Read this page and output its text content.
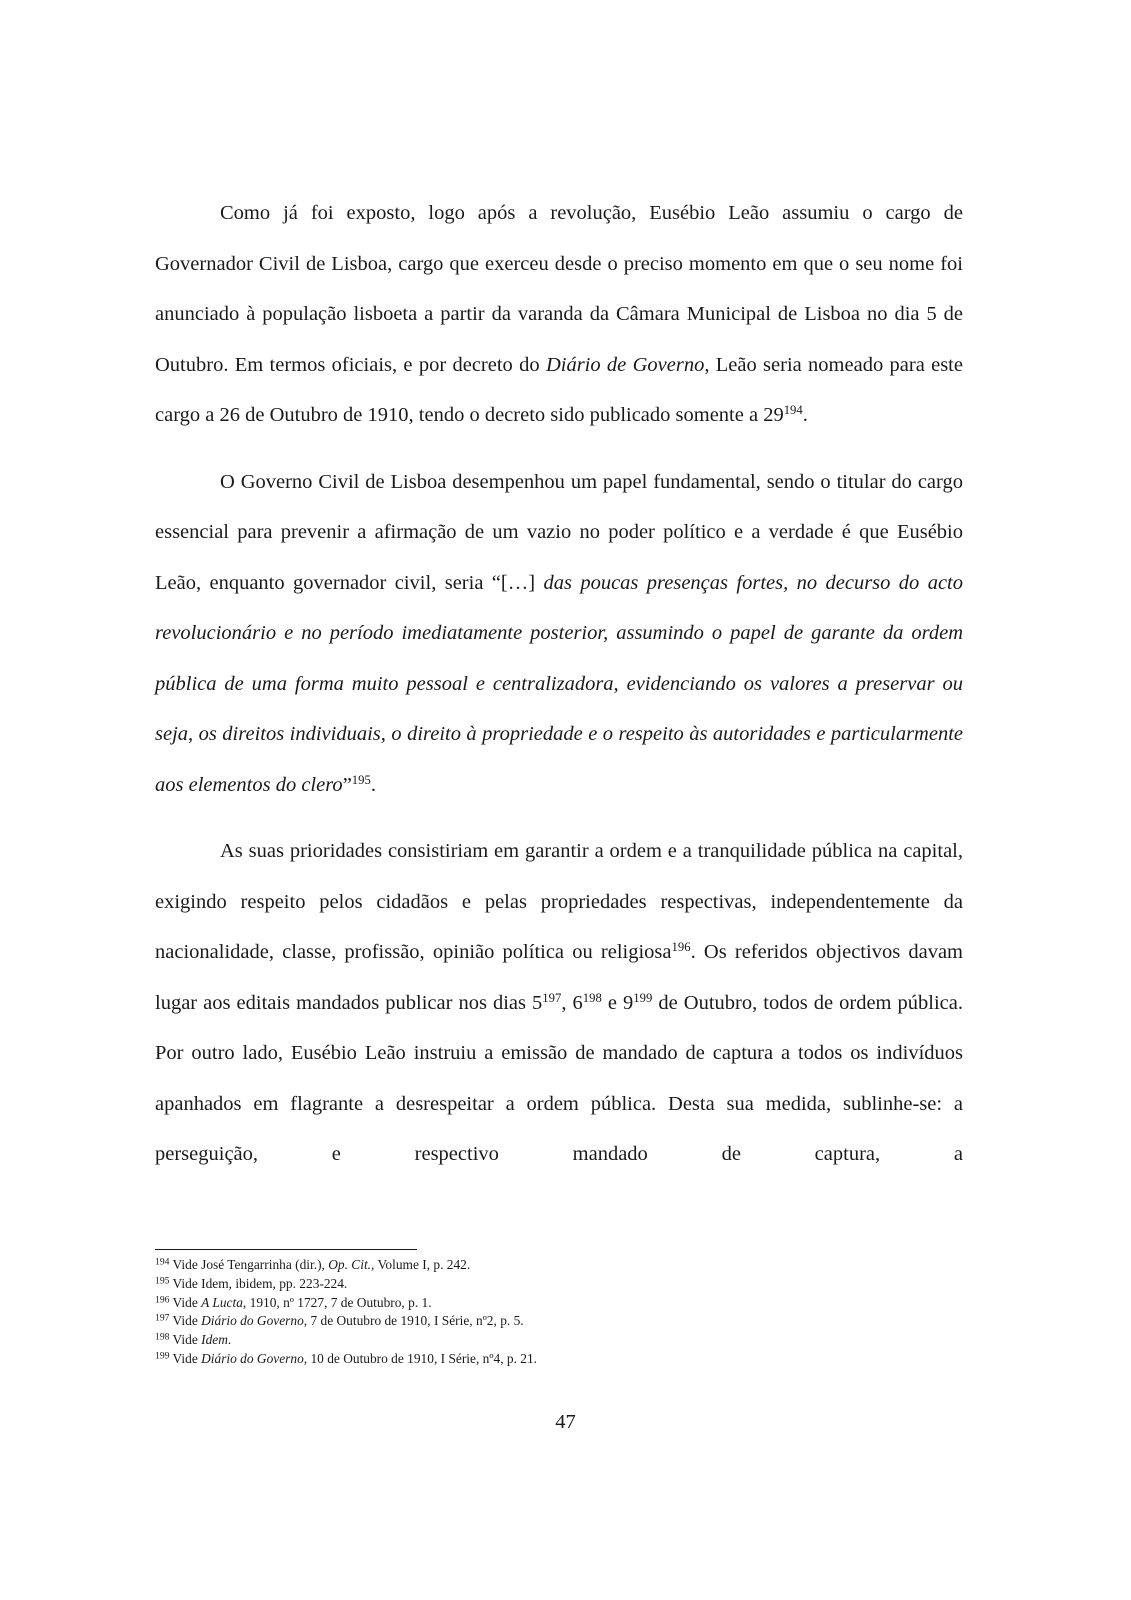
Como já foi exposto, logo após a revolução, Eusébio Leão assumiu o cargo de Governador Civil de Lisboa, cargo que exerceu desde o preciso momento em que o seu nome foi anunciado à população lisboeta a partir da varanda da Câmara Municipal de Lisboa no dia 5 de Outubro. Em termos oficiais, e por decreto do Diário de Governo, Leão seria nomeado para este cargo a 26 de Outubro de 1910, tendo o decreto sido publicado somente a $29^{194}$.

O Governo Civil de Lisboa desempenhou um papel fundamental, sendo o titular do cargo essencial para prevenir a afirmação de um vazio no poder político e a verdade é que Eusébio Leão, enquanto governador civil, seria “[…] das poucas presenças fortes, no decurso do acto revolucionário e no período imediatamente posterior, assumindo o papel de garante da ordem pública de uma forma muito pessoal e centralizadora, evidenciando os valores a preservar ou seja, os direitos individuais, o direito à propriedade e o respeito às autoridades e particularmente aos elementos do clero”$^{195}$.

As suas prioridades consistiriam em garantir a ordem e a tranquilidade pública na capital, exigindo respeito pelos cidadãos e pelas propriedades respectivas, independentemente da nacionalidade, classe, profissão, opinião política ou religiosa$^{196}$. Os referidos objectivos davam lugar aos editais mandados publicar nos dias $5^{197}$, $6^{198}$ e $9^{199}$ de Outubro, todos de ordem pública. Por outro lado, Eusébio Leão instruiu a emissão de mandado de captura a todos os indivíduos apanhados em flagrante a desrespeitar a ordem pública. Desta sua medida, sublinhe-se: a perseguição, e respectivo mandado de captura, a

$^{194}$ Vide José Tengarrinha (dir.), Op. Cit., Volume I, p. 242.

$^{195}$ Vide Idem, ibidem, pp. 223-224.

$^{196}$ Vide A Lucta, 1910, nº 1727, 7 de Outubro, p. 1.

$^{197}$ Vide Diário do Governo, 7 de Outubro de 1910, I Série, nº2, p. 5.

$^{198}$ Vide Idem.

$^{199}$ Vide Diário do Governo, 10 de Outubro de 1910, I Série, nº4, p. 21.

47
